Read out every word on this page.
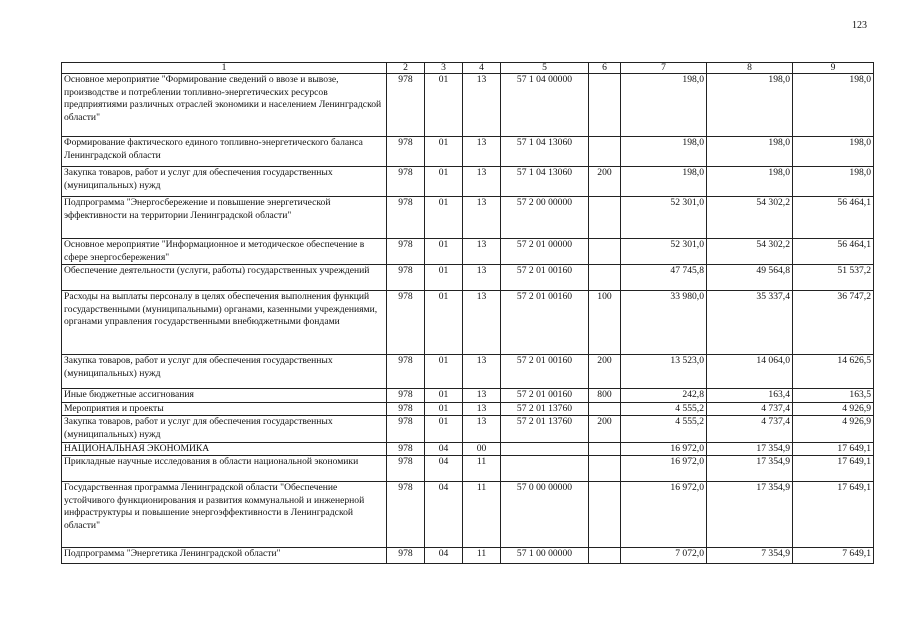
123
1	2	3	4	5	6	7	8	9
Основное мероприятие "Формирование сведений о ввозе и вывозе, производстве и потреблении топливно-энергетических ресурсов предприятиями различных отраслей экономики и населением Ленинградской области"	978	01	13	57 1 04 00000		198,0	198,0	198,0
Формирование фактического единого топливно-энергетического баланса Ленинградской области	978	01	13	57 1 04 13060		198,0	198,0	198,0
Закупка товаров, работ и услуг для обеспечения государственных (муниципальных) нужд	978	01	13	57 1 04 13060	200	198,0	198,0	198,0
Подпрограмма "Энергосбережение и повышение энергетической эффективности на территории Ленинградской области"	978	01	13	57 2 00 00000		52 301,0	54 302,2	56 464,1
Основное мероприятие "Информационное и методическое обеспечение в сфере энергосбережения"	978	01	13	57 2 01 00000		52 301,0	54 302,2	56 464,1
Обеспечение деятельности (услуги, работы) государственных учреждений	978	01	13	57 2 01 00160		47 745,8	49 564,8	51 537,2
Расходы на выплаты персоналу в целях обеспечения выполнения функций государственными (муниципальными) органами, казенными учреждениями, органами управления государственными внебюджетными фондами	978	01	13	57 2 01 00160	100	33 980,0	35 337,4	36 747,2
Закупка товаров, работ и услуг для обеспечения государственных (муниципальных) нужд	978	01	13	57 2 01 00160	200	13 523,0	14 064,0	14 626,5
Иные бюджетные ассигнования	978	01	13	57 2 01 00160	800	242,8	163,4	163,5
Мероприятия и проекты	978	01	13	57 2 01 13760		4 555,2	4 737,4	4 926,9
Закупка товаров, работ и услуг для обеспечения государственных (муниципальных) нужд	978	01	13	57 2 01 13760	200	4 555,2	4 737,4	4 926,9
НАЦИОНАЛЬНАЯ ЭКОНОМИКА	978	04	00			16 972,0	17 354,9	17 649,1
Прикладные научные исследования в области национальной экономики	978	04	11			16 972,0	17 354,9	17 649,1
Государственная программа Ленинградской области "Обеспечение устойчивого функционирования и развития коммунальной и инженерной инфраструктуры и повышение энергоэффективности в Ленинградской области"	978	04	11	57 0 00 00000		16 972,0	17 354,9	17 649,1
Подпрограмма "Энергетика Ленинградской области"	978	04	11	57 1 00 00000		7 072,0	7 354,9	7 649,1
